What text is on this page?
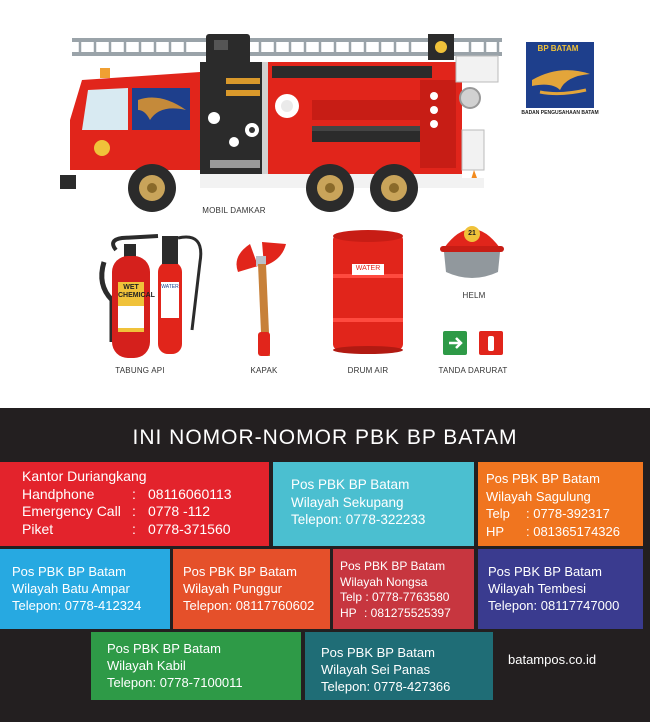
BP BATAM
BADAN PENGUSAHAAN BATAM
WET CHEMICAL
WATER
WATER
21
MOBIL DAMKAR
TABUNG API	KAPAK	DRUM AIR
HELM
TANDA DARURAT
INI NOMOR-NOMOR PBK BP BATAM
Kantor Duriangkang
Handphone	: 08116060113
Emergency Call : 0778 -112
Piket	: 0778-371560
Pos PBK BP Batam
Wilayah Sekupang
Telepon: 0778-322233
Pos PBK BP Batam
Wilayah Sagulung
Telp : 0778-392317
HP : 081365174326
Pos PBK BP Batam
Wilayah Batu Ampar
Telepon: 0778-412324
Pos PBK BP Batam
Wilayah Punggur
Telepon: 08117760602
Pos PBK BP Batam
Wilayah Nongsa
Telp : 0778-7763580
HP : 081275525397
Pos PBK BP Batam
Wilayah Tembesi
Telepon: 08117747000
Pos PBK BP Batam
Wilayah Kabil
Telepon: 0778-7100011
Pos PBK BP Batam
Wilayah Sei Panas
Telepon: 0778-427366
batampos.co.id
